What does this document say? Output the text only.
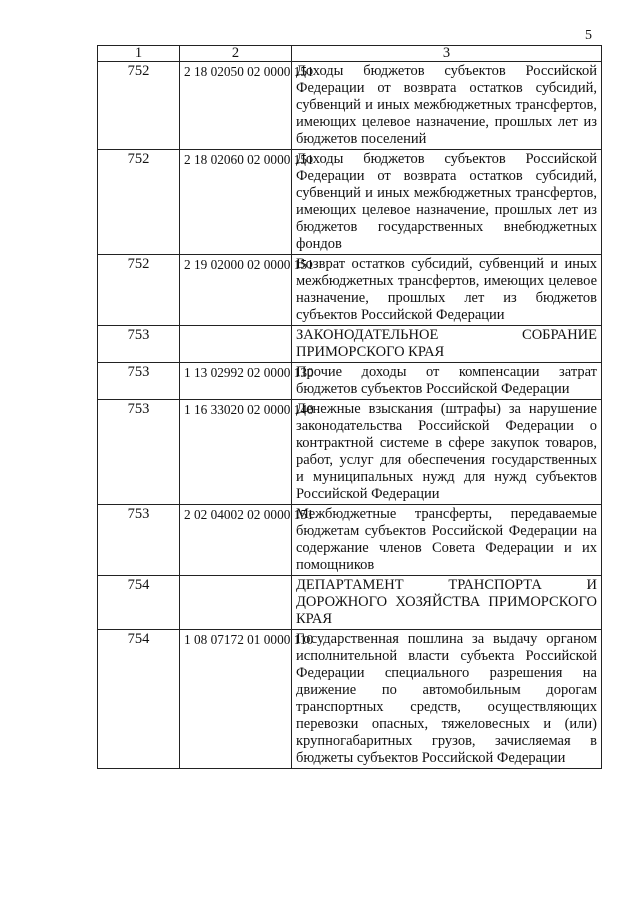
5
1	2	3
752	2 18 02050 02 0000 151	Доходы бюджетов субъектов Российской Федерации от возврата остатков субсидий, субвенций и иных межбюджетных трансфертов, имеющих целевое назначение, прошлых лет из бюджетов поселений
752	2 18 02060 02 0000 151	Доходы бюджетов субъектов Российской Федерации от возврата остатков субсидий, субвенций и иных межбюджетных трансфертов, имеющих целевое назначение, прошлых лет из бюджетов государственных внебюджетных фондов
752	2 19 02000 02 0000 151	Возврат остатков субсидий, субвенций и иных межбюджетных трансфертов, имеющих целевое назначение, прошлых лет из бюджетов субъектов Российской Федерации
753		ЗАКОНОДАТЕЛЬНОЕ СОБРАНИЕ ПРИМОРСКОГО КРАЯ
753	1 13 02992 02 0000 130	Прочие доходы от компенсации затрат бюджетов субъектов Российской Федерации
753	1 16 33020 02 0000 140	Денежные взыскания (штрафы) за нарушение законодательства Российской Федерации о контрактной системе в сфере закупок товаров, работ, услуг для обеспечения государственных и муниципальных нужд для нужд субъектов Российской Федерации
753	2 02 04002 02 0000 151	Межбюджетные трансферты, передаваемые бюджетам субъектов Российской Федерации на содержание членов Совета Федерации и их помощников
754		ДЕПАРТАМЕНТ ТРАНСПОРТА И ДОРОЖНОГО ХОЗЯЙСТВА ПРИМОРСКОГО КРАЯ
754	1 08 07172 01 0000 110	Государственная пошлина за выдачу органом исполнительной власти субъекта Российской Федерации специального разрешения на движение по автомобильным дорогам транспортных средств, осуществляющих перевозки опасных, тяжеловесных и (или) крупногабаритных грузов, зачисляемая в бюджеты субъектов Российской Федерации
